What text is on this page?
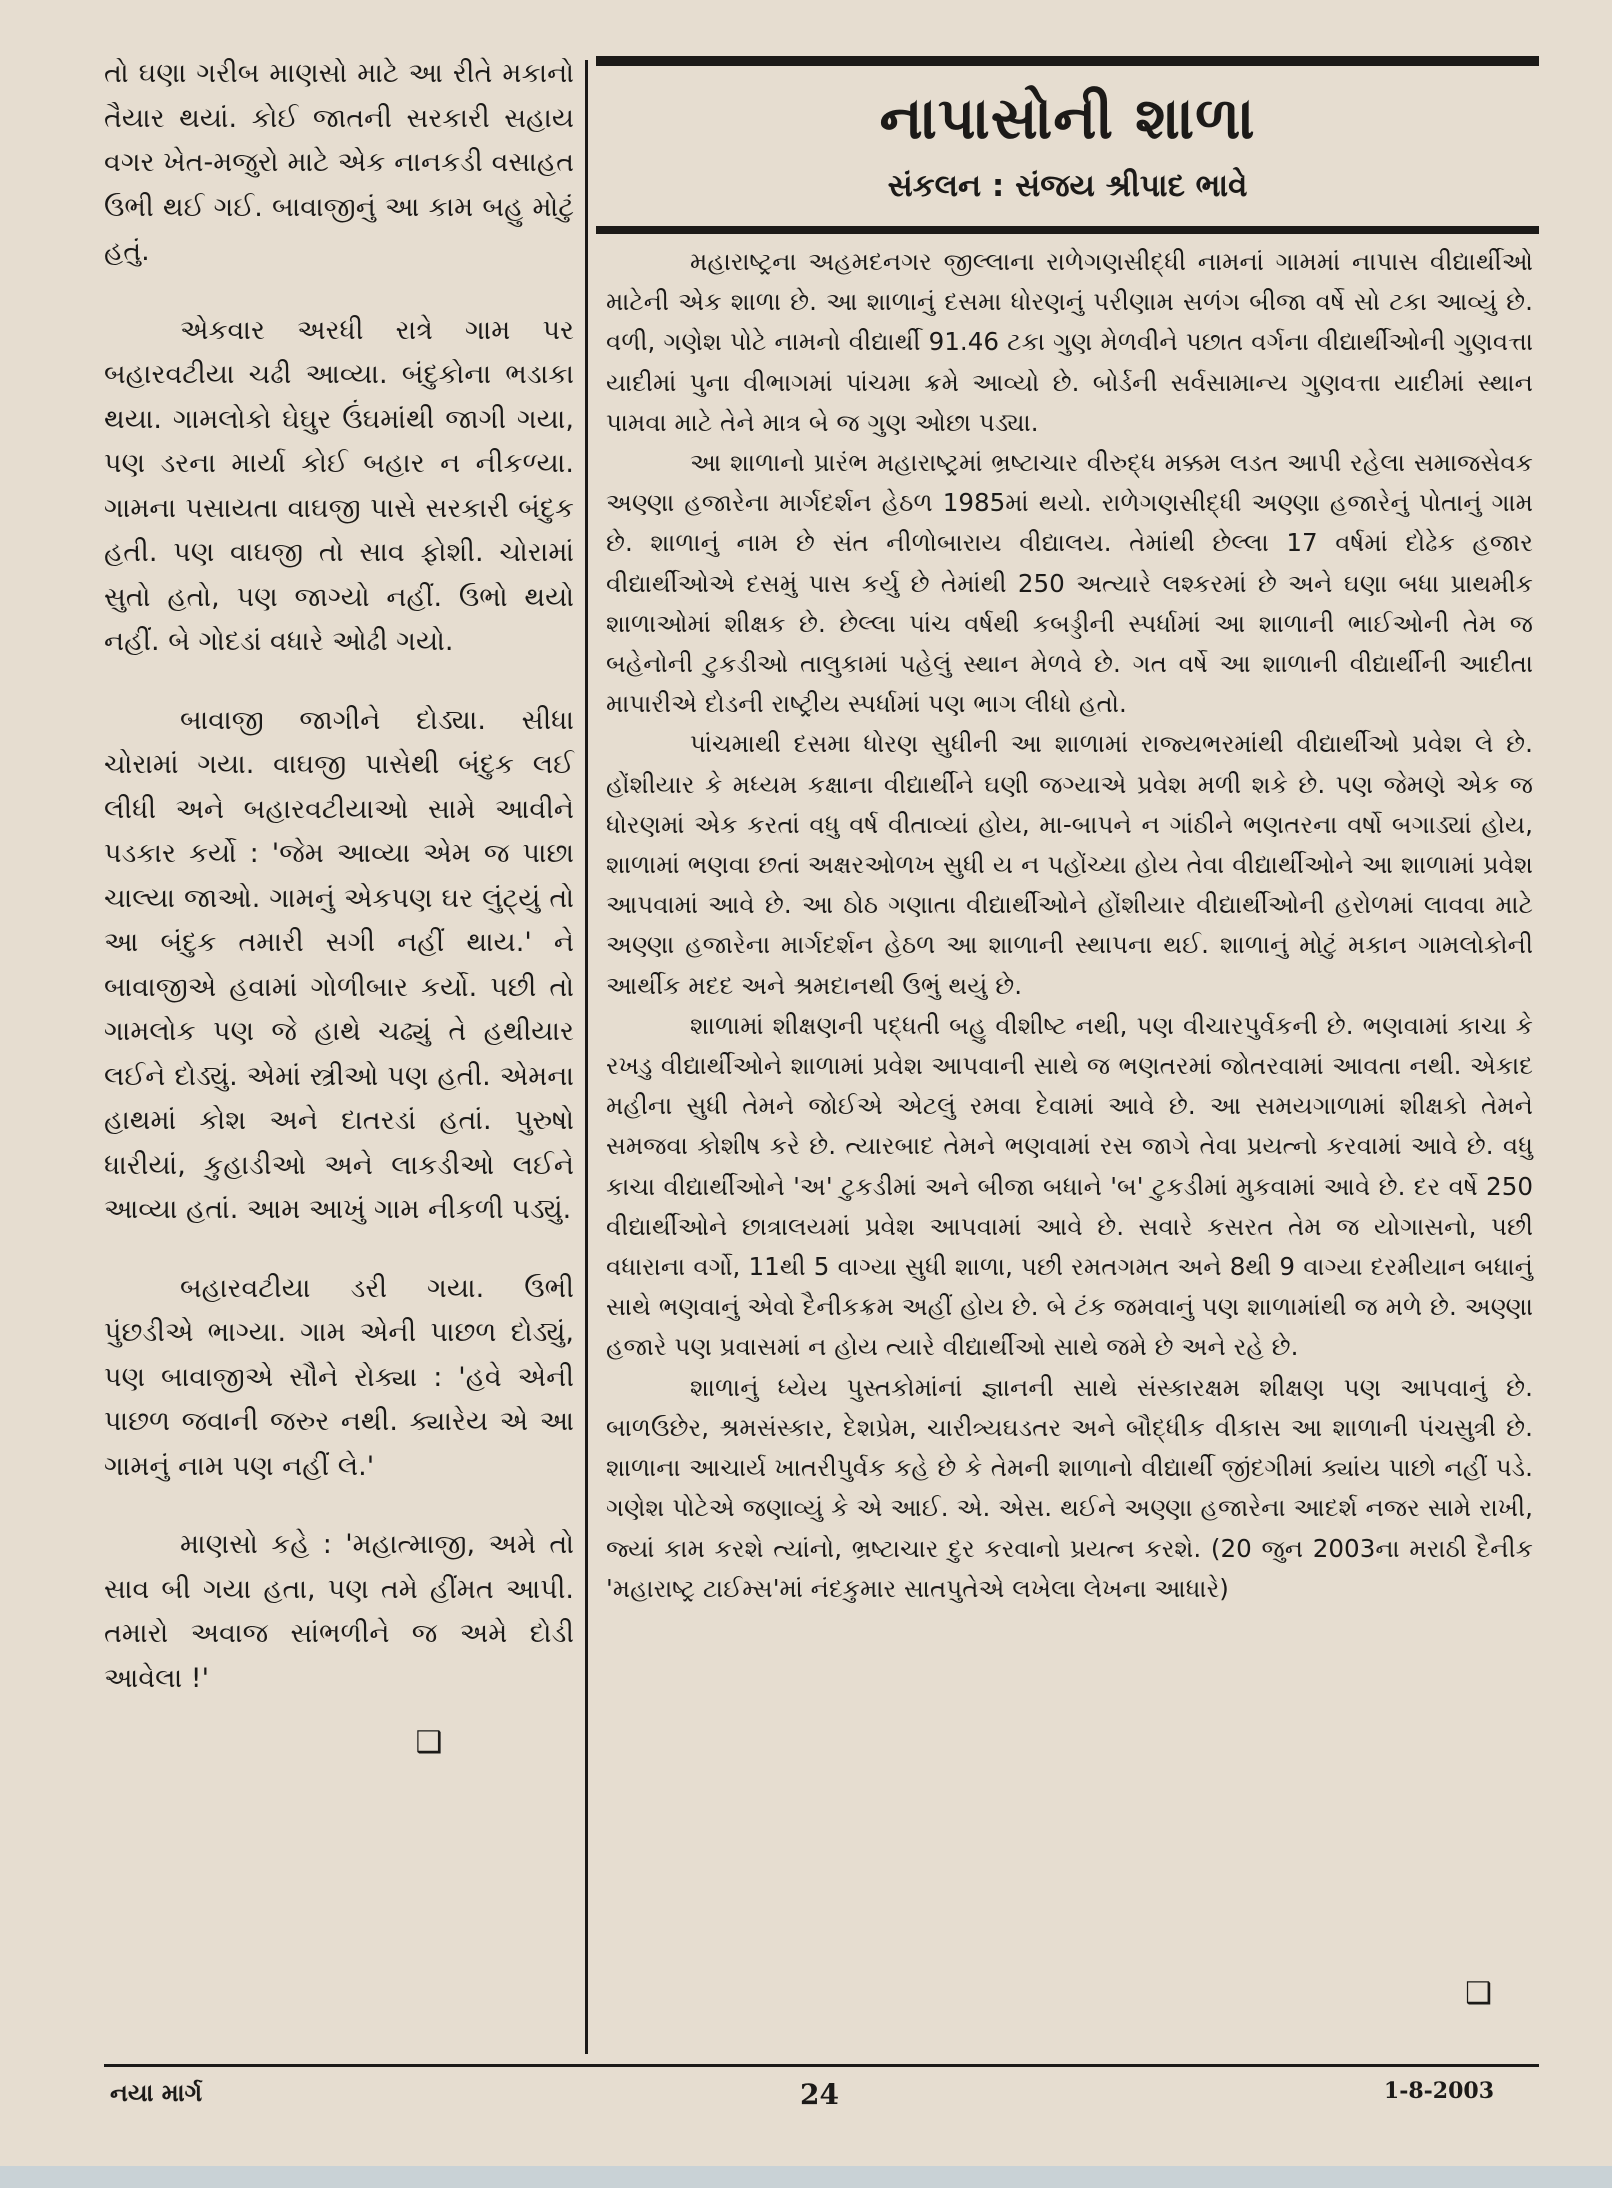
તો ઘણા ગરીબ માણસો માટે આ રીતે મકાનો તૈયાર થયાં. કોઈ જાતની સરકારી સહાય વગર ખેત-મજુરો માટે એક નાનકડી વસાહત ઉભી થઈ ગઈ. બાવાજીનું આ કામ બહુ મોટું હતું.

એકવાર અરધી રાત્રે ગામ પર બહારવટીયા ચઢી આવ્યા. બંદુકોના ભડાકા થયા. ગામલોકો ઘેઘુર ઉંઘમાંથી જાગી ગયા, પણ ડરના માર્યા કોઈ બહાર ન નીકળ્યા. ગામના પસાયતા વાઘજી પાસે સરકારી બંદુક હતી. પણ વાઘજી તો સાવ ફોશી. ચોરામાં સુતો હતો, પણ જાગ્યો નહીં. ઉભો થયો નહીં. બે ગોદડાં વધારે ઓઢી ગયો.

બાવાજી જાગીને દોડ્યા. સીધા ચોરામાં ગયા. વાઘજી પાસેથી બંદુક લઈ લીધી અને બહારવટીયાઓ સામે આવીને પડકાર કર્યો : 'જેમ આવ્યા એમ જ પાછા ચાલ્યા જાઓ. ગામનું એકપણ ઘર લુંટ્યું તો આ બંદુક તમારી સગી નહીં થાય.' ને બાવાજીએ હવામાં ગોળીબાર કર્યો. પછી તો ગામલોક પણ જે હાથે ચઢ્યું તે હથીયાર લઈને દોડ્યું. એમાં સ્ત્રીઓ પણ હતી. એમના હાથમાં કોશ અને દાતરડાં હતાં. પુરુષો ધારીયાં, કુહાડીઓ અને લાકડીઓ લઈને આવ્યા હતાં. આમ આખું ગામ નીકળી પડ્યું.

બહારવટીયા ડરી ગયા. ઉભી પુંછડીએ ભાગ્યા. ગામ એની પાછળ દોડ્યું, પણ બાવાજીએ સૌને રોક્યા : 'હવે એની પાછળ જવાની જરુર નથી. ક્યારેય એ આ ગામનું નામ પણ નહીં લે.'

માણસો કહે : 'મહાત્માજી, અમે તો સાવ બી ગયા હતા, પણ તમે હીંમત આપી. તમારો અવાજ સાંભળીને જ અમે દોડી આવેલા !'

❑
નાપાસોની શાળા
સંકલન : સંજય શ્રીપાદ ભાવે

મહારાષ્ટ્રના અહમદનગર જીલ્લાના રાળેગણસીદ્ધી નામનાં ગામમાં નાપાસ વીદ્યાર્થીઓ માટેની એક શાળા છે. આ શાળાનું દસમા ધોરણનું પરીણામ સળંગ બીજા વર્ષે સો ટકા આવ્યું છે. વળી, ગણેશ પોટે નામનો વીદ્યાર્થી 91.46 ટકા ગુણ મેળવીને પછાત વર્ગના વીદ્યાર્થીઓની ગુણવત્તા યાદીમાં પુના વીભાગમાં પાંચમા ક્રમે આવ્યો છે. બોર્ડની સર્વસામાન્ય ગુણવત્તા યાદીમાં સ્થાન પામવા માટે તેને માત્ર બે જ ગુણ ઓછા પડ્યા.

આ શાળાનો પ્રારંભ મહારાષ્ટ્રમાં ભ્રષ્ટાચાર વીરુદ્ધ મક્કમ લડત આપી રહેલા સમાજસેવક અણ્ણા હજારેના માર્ગદર્શન હેઠળ 1985માં થયો. રાળેગણસીદ્ધી અણ્ણા હજારેનું પોતાનું ગામ છે. શાળાનું નામ છે સંત નીળોબારાય વીદ્યાલય. તેમાંથી છેલ્લા 17 વર્ષમાં દોઢેક હજાર વીદ્યાર્થીઓએ દસમું પાસ કર્યુ છે તેમાંથી 250 અત્યારે લશ્કરમાં છે અને ઘણા બધા પ્રાથમીક શાળાઓમાં શીક્ષક છે. છેલ્લા પાંચ વર્ષથી કબડ્ડીની સ્પર્ધામાં આ શાળાની ભાઈઓની તેમ જ બહેનોની ટુકડીઓ તાલુકામાં પહેલું સ્થાન મેળવે છે. ગત વર્ષે આ શાળાની વીદ્યાર્થીની આદીતા માપારીએ દોડની રાષ્ટ્રીય સ્પર્ધામાં પણ ભાગ લીધો હતો.

પાંચમાથી દસમા ધોરણ સુધીની આ શાળામાં રાજ્યભરમાંથી વીદ્યાર્થીઓ પ્રવેશ લે છે. હોંશીયાર કે મધ્યમ કક્ષાના વીદ્યાર્થીને ઘણી જગ્યાએ પ્રવેશ મળી શકે છે. પણ જેમણે એક જ ધોરણમાં એક કરતાં વધુ વર્ષ વીતાવ્યાં હોય, મા-બાપને ન ગાંઠીને ભણતરના વર્ષો બગાડ્યાં હોય, શાળામાં ભણવા છતાં અક્ષરઓળખ સુધી ય ન પહોંચ્યા હોય તેવા વીદ્યાર્થીઓને આ શાળામાં પ્રવેશ આપવામાં આવે છે. આ ઠોઠ ગણાતા વીદ્યાર્થીઓને હોંશીયાર વીદ્યાર્થીઓની હરોળમાં લાવવા માટે અણ્ણા હજારેના માર્ગદર્શન હેઠળ આ શાળાની સ્થાપના થઈ. શાળાનું મોટું મકાન ગામલોકોની આર્થીક મદદ અને શ્રમદાનથી ઉભું થયું છે.

શાળામાં શીક્ષણની પદ્ધતી બહુ વીશીષ્ટ નથી, પણ વીચારપુર્વકની છે. ભણવામાં કાચા કે રખડુ વીદ્યાર્થીઓને શાળામાં પ્રવેશ આપવાની સાથે જ ભણતરમાં જોતરવામાં આવતા નથી. એકાદ મહીના સુધી તેમને જોઈએ એટલું રમવા દેવામાં આવે છે. આ સમયગાળામાં શીક્ષકો તેમને સમજવા કોશીષ કરે છે. ત્યારબાદ તેમને ભણવામાં રસ જાગે તેવા પ્રયત્નો કરવામાં આવે છે. વધુ કાચા વીદ્યાર્થીઓને 'અ' ટુકડીમાં અને બીજા બધાને 'બ' ટુકડીમાં મુકવામાં આવે છે. દર વર્ષે 250 વીદ્યાર્થીઓને છાત્રાલયમાં પ્રવેશ આપવામાં આવે છે. સવારે કસરત તેમ જ યોગાસનો, પછી વધારાના વર્ગો, 11થી 5 વાગ્યા સુધી શાળા, પછી રમતગમત અને 8થી 9 વાગ્યા દરમીયાન બધાનું સાથે ભણવાનું એવો દૈનીકક્રમ અહીં હોય છે. બે ટંક જમવાનું પણ શાળામાંથી જ મળે છે. અણ્ણા હજારે પણ પ્રવાસમાં ન હોય ત્યારે વીદ્યાર્થીઓ સાથે જમે છે અને રહે છે.

શાળાનું ધ્યેય પુસ્તકોમાંનાં જ્ઞાનની સાથે સંસ્કારક્ષમ શીક્ષણ પણ આપવાનું છે. બાળઉછેર, શ્રમસંસ્કાર, દેશપ્રેમ, ચારીત્ર્યઘડતર અને બૌદ્ધીક વીકાસ આ શાળાની પંચસુત્રી છે. શાળાના આચાર્ય ખાતરીપુર્વક કહે છે કે તેમની શાળાનો વીદ્યાર્થી જીંદગીમાં ક્યાંય પાછો નહીં પડે. ગણેશ પોટેએ જણાવ્યું કે એ આઈ. એ. એસ. થઈને અણ્ણા હજારેના આદર્શ નજર સામે રાખી, જ્યાં કામ કરશે ત્યાંનો, ભ્રષ્ટાચાર દુર કરવાનો પ્રયત્ન કરશે. (20 જુન 2003ના મરાઠી દૈનીક 'મહારાષ્ટ્ર ટાઈમ્સ'માં નંદકુમાર સાતપુતેએ લખેલા લેખના આધારે)

❑
નયા માર્ગ	24	1-8-2003
